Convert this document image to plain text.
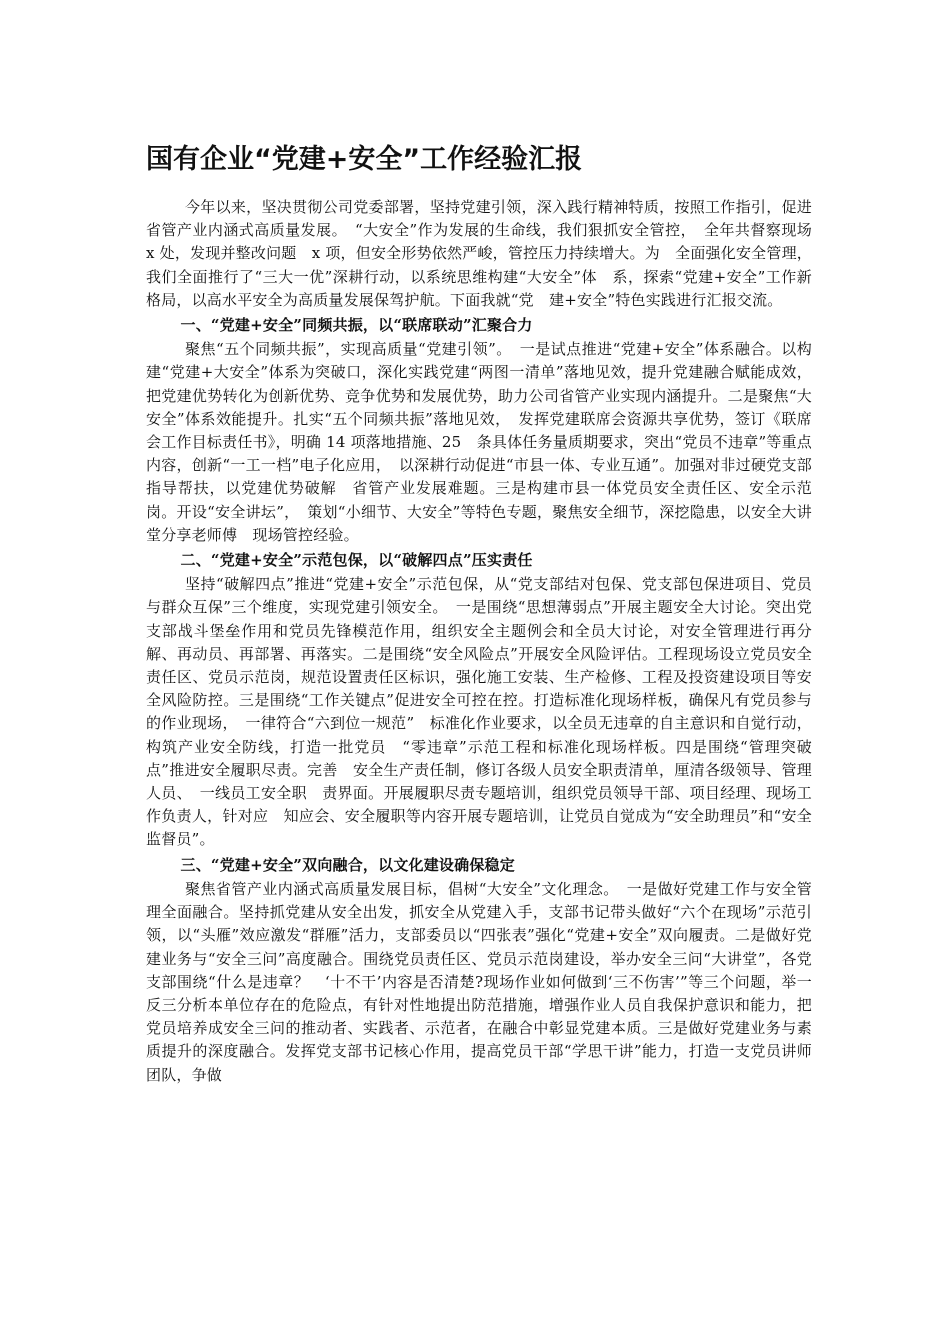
国有企业“党建+安全”工作经验汇报

今年以来，坚决贯彻公司党委部署，坚持党建引领，深入践行精神特质，按照工作指引，促进省管产业内涵式高质量发展。　“大安全”作为发展的生命线，我们狠抓安全管控，　全年共督察现场 x 处，发现并整改问题　x 项，但安全形势依然严峻，管控压力持续增大。为　全面强化安全管理，我们全面推行了“三大一优”深耕行动，以系统思维构建“大安全”体　系，探索“党建+安全”工作新格局，以高水平安全为高质量发展保驾护航。下面我就“党　建+安全”特色实践进行汇报交流。

一、“党建+安全”同频共振，以“联席联动”汇聚合力

聚焦“五个同频共振”，实现高质量“党建引领”。　一是试点推进“党建+安全”体系融合。以构建“党建+大安全”体系为突破口，深化实践党建“两图一清单”落地见效，提升党建融合赋能成效，把党建优势转化为创新优势、竞争优势和发展优势，助力公司省管产业实现内涵提升。二是聚焦“大安全”体系效能提升。扎实“五个同频共振”落地见效，　发挥党建联席会资源共享优势，签订《联席会工作目标责任书》，明确 14 项落地措施、25　条具体任务量质期要求，突出“党员不违章”等重点内容，创新“一工一档”电子化应用，　以深耕行动促进“市县一体、专业互通”。加强对非过硬党支部指导帮扶，以党建优势破解　省管产业发展难题。三是构建市县一体党员安全责任区、安全示范岗。开设“安全讲坛”，　策划“小细节、大安全”等特色专题，聚焦安全细节，深挖隐患，以安全大讲堂分享老师傅　现场管控经验。

二、“党建+安全”示范包保，以“破解四点”压实责任

坚持“破解四点”推进“党建+安全”示范包保，从“党支部结对包保、党支部包保进项目、党员与群众互保”三个维度，实现党建引领安全。　一是围绕“思想薄弱点”开展主题安全大讨论。突出党支部战斗堡垒作用和党员先锋模范作用，组织安全主题例会和全员大讨论，对安全管理进行再分解、再动员、再部署、再落实。二是围绕“安全风险点”开展安全风险评估。工程现场设立党员安全责任区、党员示范岗，规范设置责任区标识，强化施工安装、生产检修、工程及投资建设项目等安全风险防控。三是围绕“工作关键点”促进安全可控在控。打造标准化现场样板，确保凡有党员参与的作业现场，　一律符合“六到位一规范”　标准化作业要求，以全员无违章的自主意识和自觉行动，构筑产业安全防线，打造一批党员　“零违章”示范工程和标准化现场样板。四是围绕“管理突破点”推进安全履职尽责。完善　安全生产责任制，修订各级人员安全职责清单，厘清各级领导、管理人员、　一线员工安全职　责界面。开展履职尽责专题培训，组织党员领导干部、项目经理、现场工作负责人，针对应　知应会、安全履职等内容开展专题培训，让党员自觉成为“安全助理员”和“安全监督员”。

三、“党建+安全”双向融合，以文化建设确保稳定

聚焦省管产业内涵式高质量发展目标，倡树“大安全”文化理念。　一是做好党建工作与安全管理全面融合。坚持抓党建从安全出发，抓安全从党建入手，支部书记带头做好“六个在现场”示范引领，以“头雁”效应激发“群雁”活力，支部委员以“四张表”强化“党建+安全”双向履责。二是做好党建业务与“安全三问”高度融合。围绕党员责任区、党员示范岗建设，举办安全三问“大讲堂”，各党支部围绕“什么是违章？　‘十不干’内容是否清楚?现场作业如何做到‘三不伤害’”等三个问题，举一反三分析本单位存在的危险点，有针对性地提出防范措施，增强作业人员自我保护意识和能力，把党员培养成安全三问的推动者、实践者、示范者，在融合中彰显党建本质。三是做好党建业务与素质提升的深度融合。发挥党支部书记核心作用，提高党员干部“学思干讲”能力，打造一支党员讲师团队，争做
